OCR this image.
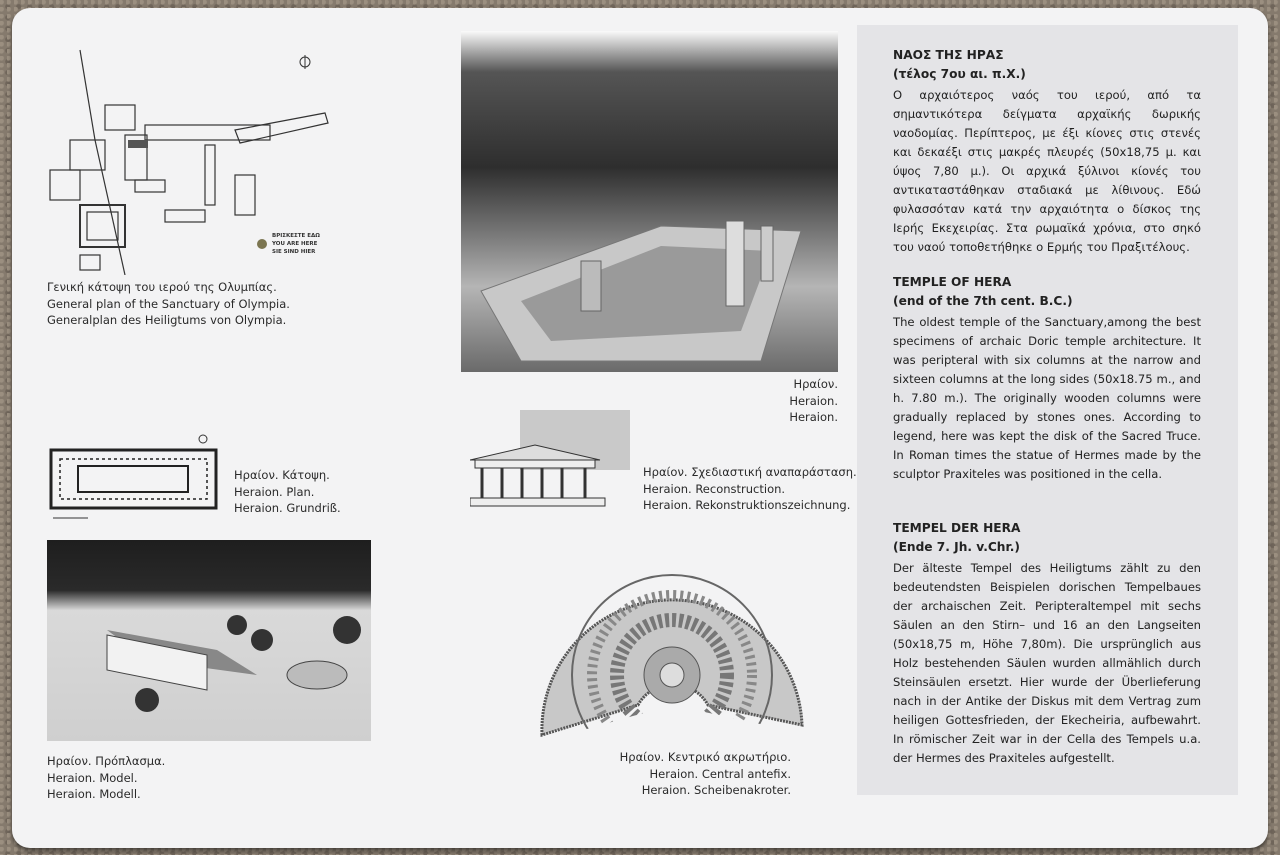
ΒΡΙΣΚΕΣΤΕ ΕΔΩ
YOU ARE HERE
SIE SIND HIER
Γενική κάτοψη του ιερού της Ολυμπίας.
General plan of the Sanctuary of Olympia.
Generalplan des Heiligtums von Olympia.
Ηραίον.
Heraion.
Heraion.
Ηραίον. Κάτοψη.
Heraion. Plan.
Heraion. Grundriß.
Ηραίον. Σχεδιαστική αναπαράσταση.
Heraion. Reconstruction.
Heraion. Rekonstruktionszeichnung.
Ηραίον. Πρόπλασμα.
Heraion. Model.
Heraion. Modell.
Ηραίον. Κεντρικό ακρωτήριο.
Heraion. Central antefix.
Heraion. Scheibenakroter.
ΝΑΟΣ ΤΗΣ ΗΡΑΣ
(τέλος 7ου αι. π.Χ.)

Ο αρχαιότερος ναός του ιερού, από τα σημαντικότερα δείγματα αρχαϊκής δωρικής ναοδομίας. Περίπτερος, με έξι κίονες στις στενές και δεκαέξι στις μακρές πλευρές (50x18,75 μ. και ύψος 7,80 μ.). Οι αρχικά ξύλινοι κίονές του αντικαταστάθηκαν σταδιακά με λίθινους. Εδώ φυλασσόταν κατά την αρχαιότητα ο δίσκος της Ιερής Εκεχειρίας. Στα ρωμαϊκά χρόνια, στο σηκό του ναού τοποθετήθηκε ο Ερμής του Πραξιτέλους.

TEMPLE OF HERA
(end of the 7th cent. B.C.)

The oldest temple of the Sanctuary,among the best specimens of archaic Doric temple architecture. It was peripteral with six columns at the narrow and sixteen columns at the long sides (50x18.75 m., and h. 7.80 m.). The originally wooden columns were gradually replaced by stones ones. According to legend, here was kept the disk of the Sacred Truce. In Roman times the statue of Hermes made by the sculptor Praxiteles was positioned in the cella.

TEMPEL DER HERA
(Ende 7. Jh. v.Chr.)

Der älteste Tempel des Heiligtums zählt zu den bedeutendsten Beispielen dorischen Tempelbaues der archaischen Zeit. Peripteraltempel mit sechs Säulen an den Stirn– und 16 an den Langseiten (50x18,75 m, Höhe 7,80m). Die ursprünglich aus Holz bestehenden Säulen wurden allmählich durch Steinsäulen ersetzt. Hier wurde der Überlieferung nach in der Antike der Diskus mit dem Vertrag zum heiligen Gottesfrieden, der Ekecheiria, aufbewahrt. In römischer Zeit war in der Cella des Tempels u.a. der Hermes des Praxiteles aufgestellt.
